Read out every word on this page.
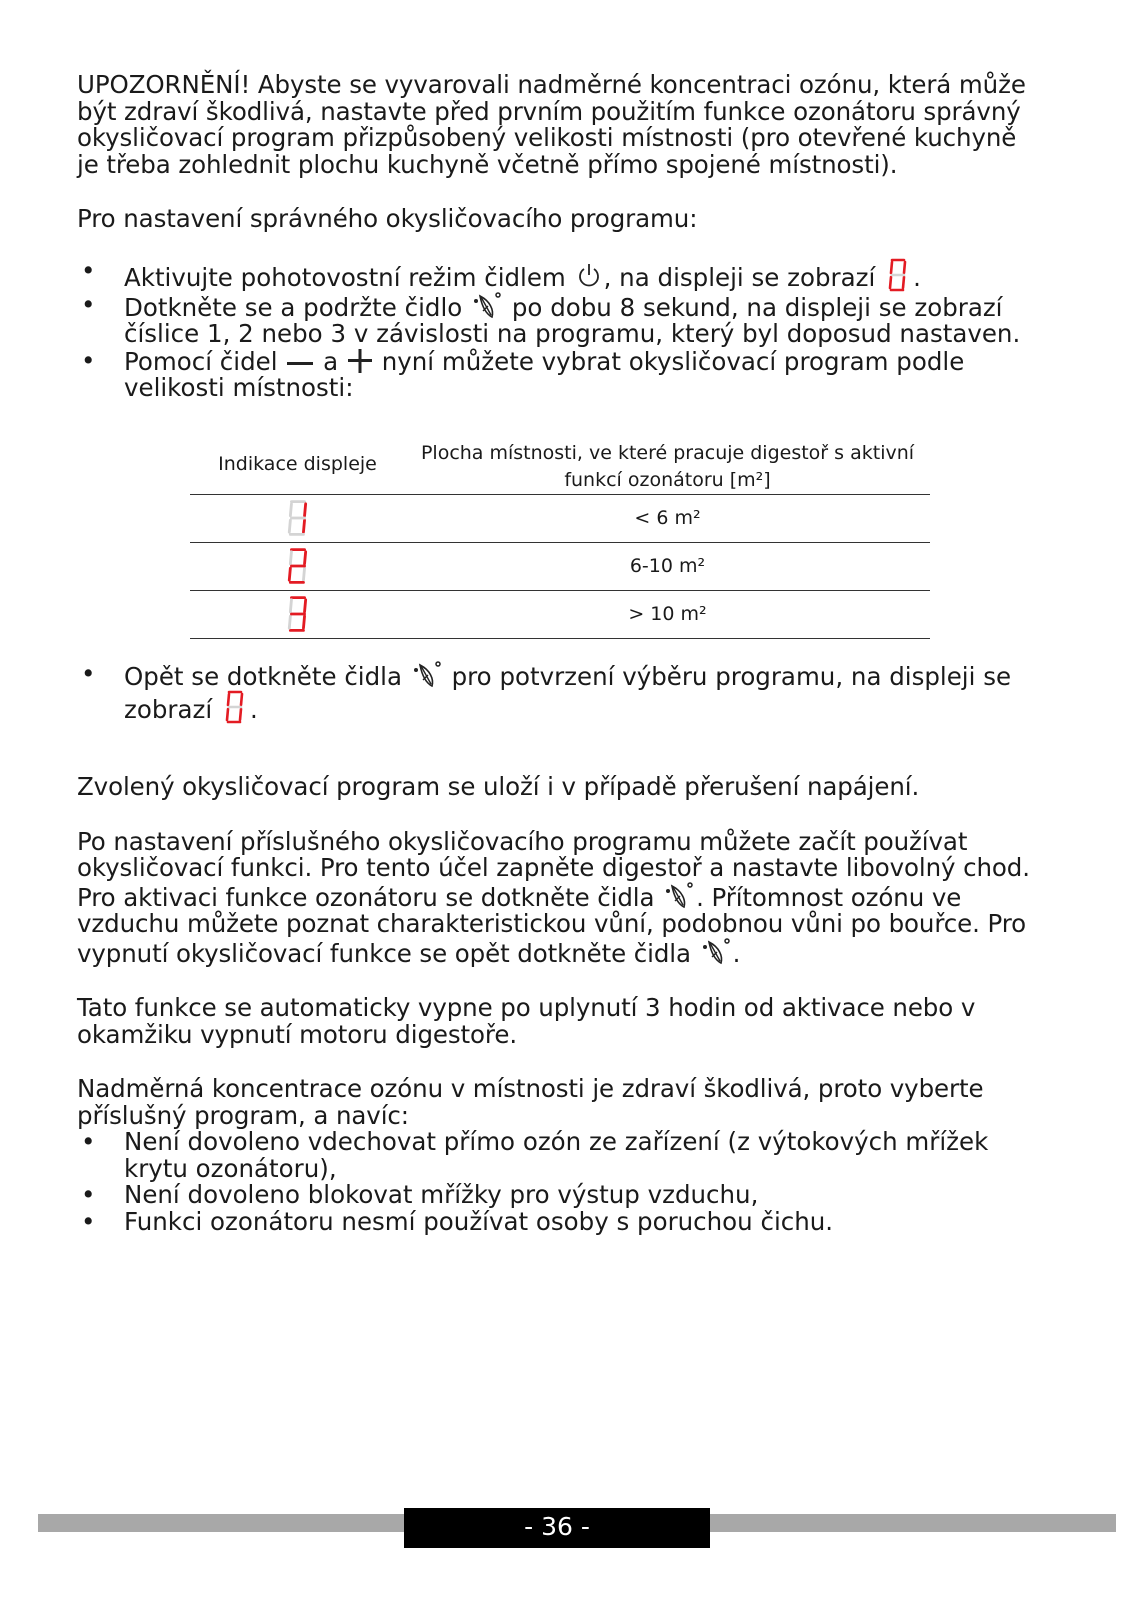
UPOZORNĚNÍ! Abyste se vyvarovali nadměrné koncentraci ozónu, která může být zdraví škodlivá, nastavte před prvním použitím funkce ozonátoru správný okysličovací program přizpůsobený velikosti místnosti (pro otevřené kuchyně je třeba zohlednit plochu kuchyně včetně přímo spojené místnosti).

Pro nastavení správného okysličovacího programu:

• Aktivujte pohotovostní režim čidlem , na displeji se zobrazí .
• Dotkněte se a podržte čidlo po dobu 8 sekund, na displeji se zobrazí číslice 1, 2 nebo 3 v závislosti na programu, který byl doposud nastaven.
• Pomocí čidel a nyní můžete vybrat okysličovací program podle velikosti místnosti:
Indikace displeje	Plocha místnosti, ve které pracuje digestoř s aktivní funkcí ozonátoru [m²]
< 6 m²
6-10 m²
> 10 m²
• Opět se dotkněte čidla pro potvrzení výběru programu, na displeji se zobrazí .

Zvolený okysličovací program se uloží i v případě přerušení napájení.

Po nastavení příslušného okysličovacího programu můžete začít používat okysličovací funkci. Pro tento účel zapněte digestoř a nastavte libovolný chod. Pro aktivaci funkce ozonátoru se dotkněte čidla . Přítomnost ozónu ve vzduchu můžete poznat charakteristickou vůní, podobnou vůni po bouřce. Pro vypnutí okysličovací funkce se opět dotkněte čidla .

Tato funkce se automaticky vypne po uplynutí 3 hodin od aktivace nebo v okamžiku vypnutí motoru digestoře.

Nadměrná koncentrace ozónu v místnosti je zdraví škodlivá, proto vyberte příslušný program, a navíc:

• Není dovoleno vdechovat přímo ozón ze zařízení (z výtokových mřížek krytu ozonátoru),
• Není dovoleno blokovat mřížky pro výstup vzduchu,
• Funkci ozonátoru nesmí používat osoby s poruchou čichu.
- 36 -
